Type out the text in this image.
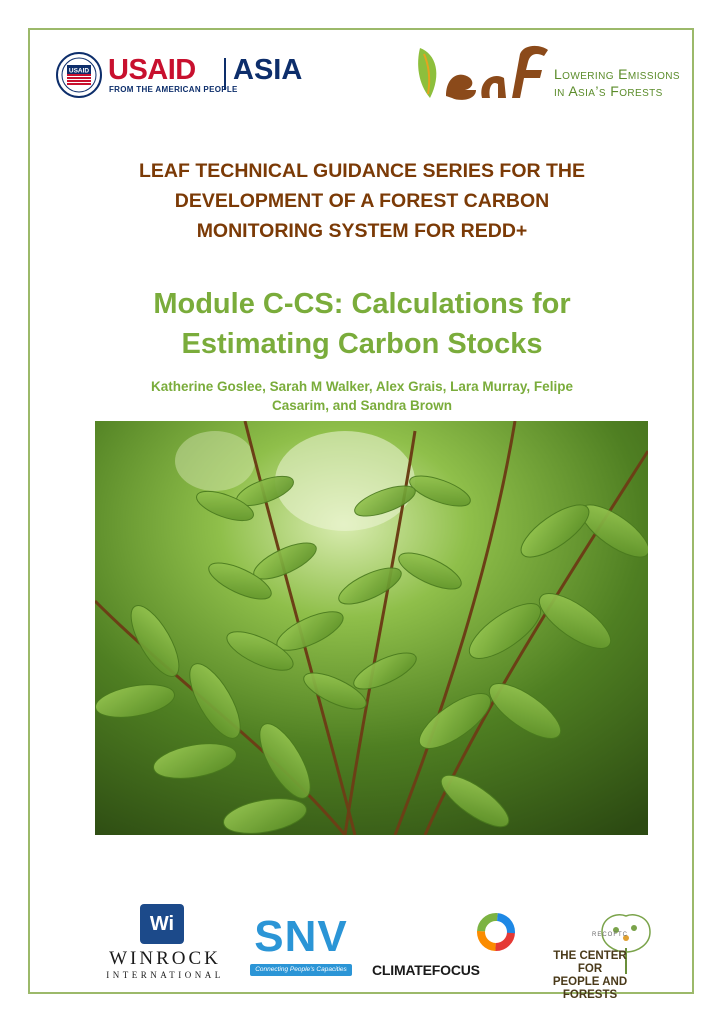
USAID USAID ASIA
FROM THE AMERICAN PEOPLE
Lowering Emissions
in Asia’s Forests
LEAF TECHNICAL GUIDANCE SERIES FOR THE
DEVELOPMENT OF A FOREST CARBON
MONITORING SYSTEM FOR REDD+
Module C-CS: Calculations for
Estimating Carbon Stocks
Katherine Goslee, Sarah M Walker, Alex Grais, Lara Murray, Felipe
Casarim, and Sandra Brown
Wi
WINROCK
INTERNATIONAL
SNV
Connecting People's Capacities	CLIMATEFOCUS
RECOFTC
THE CENTER FOR
PEOPLE AND FORESTS
